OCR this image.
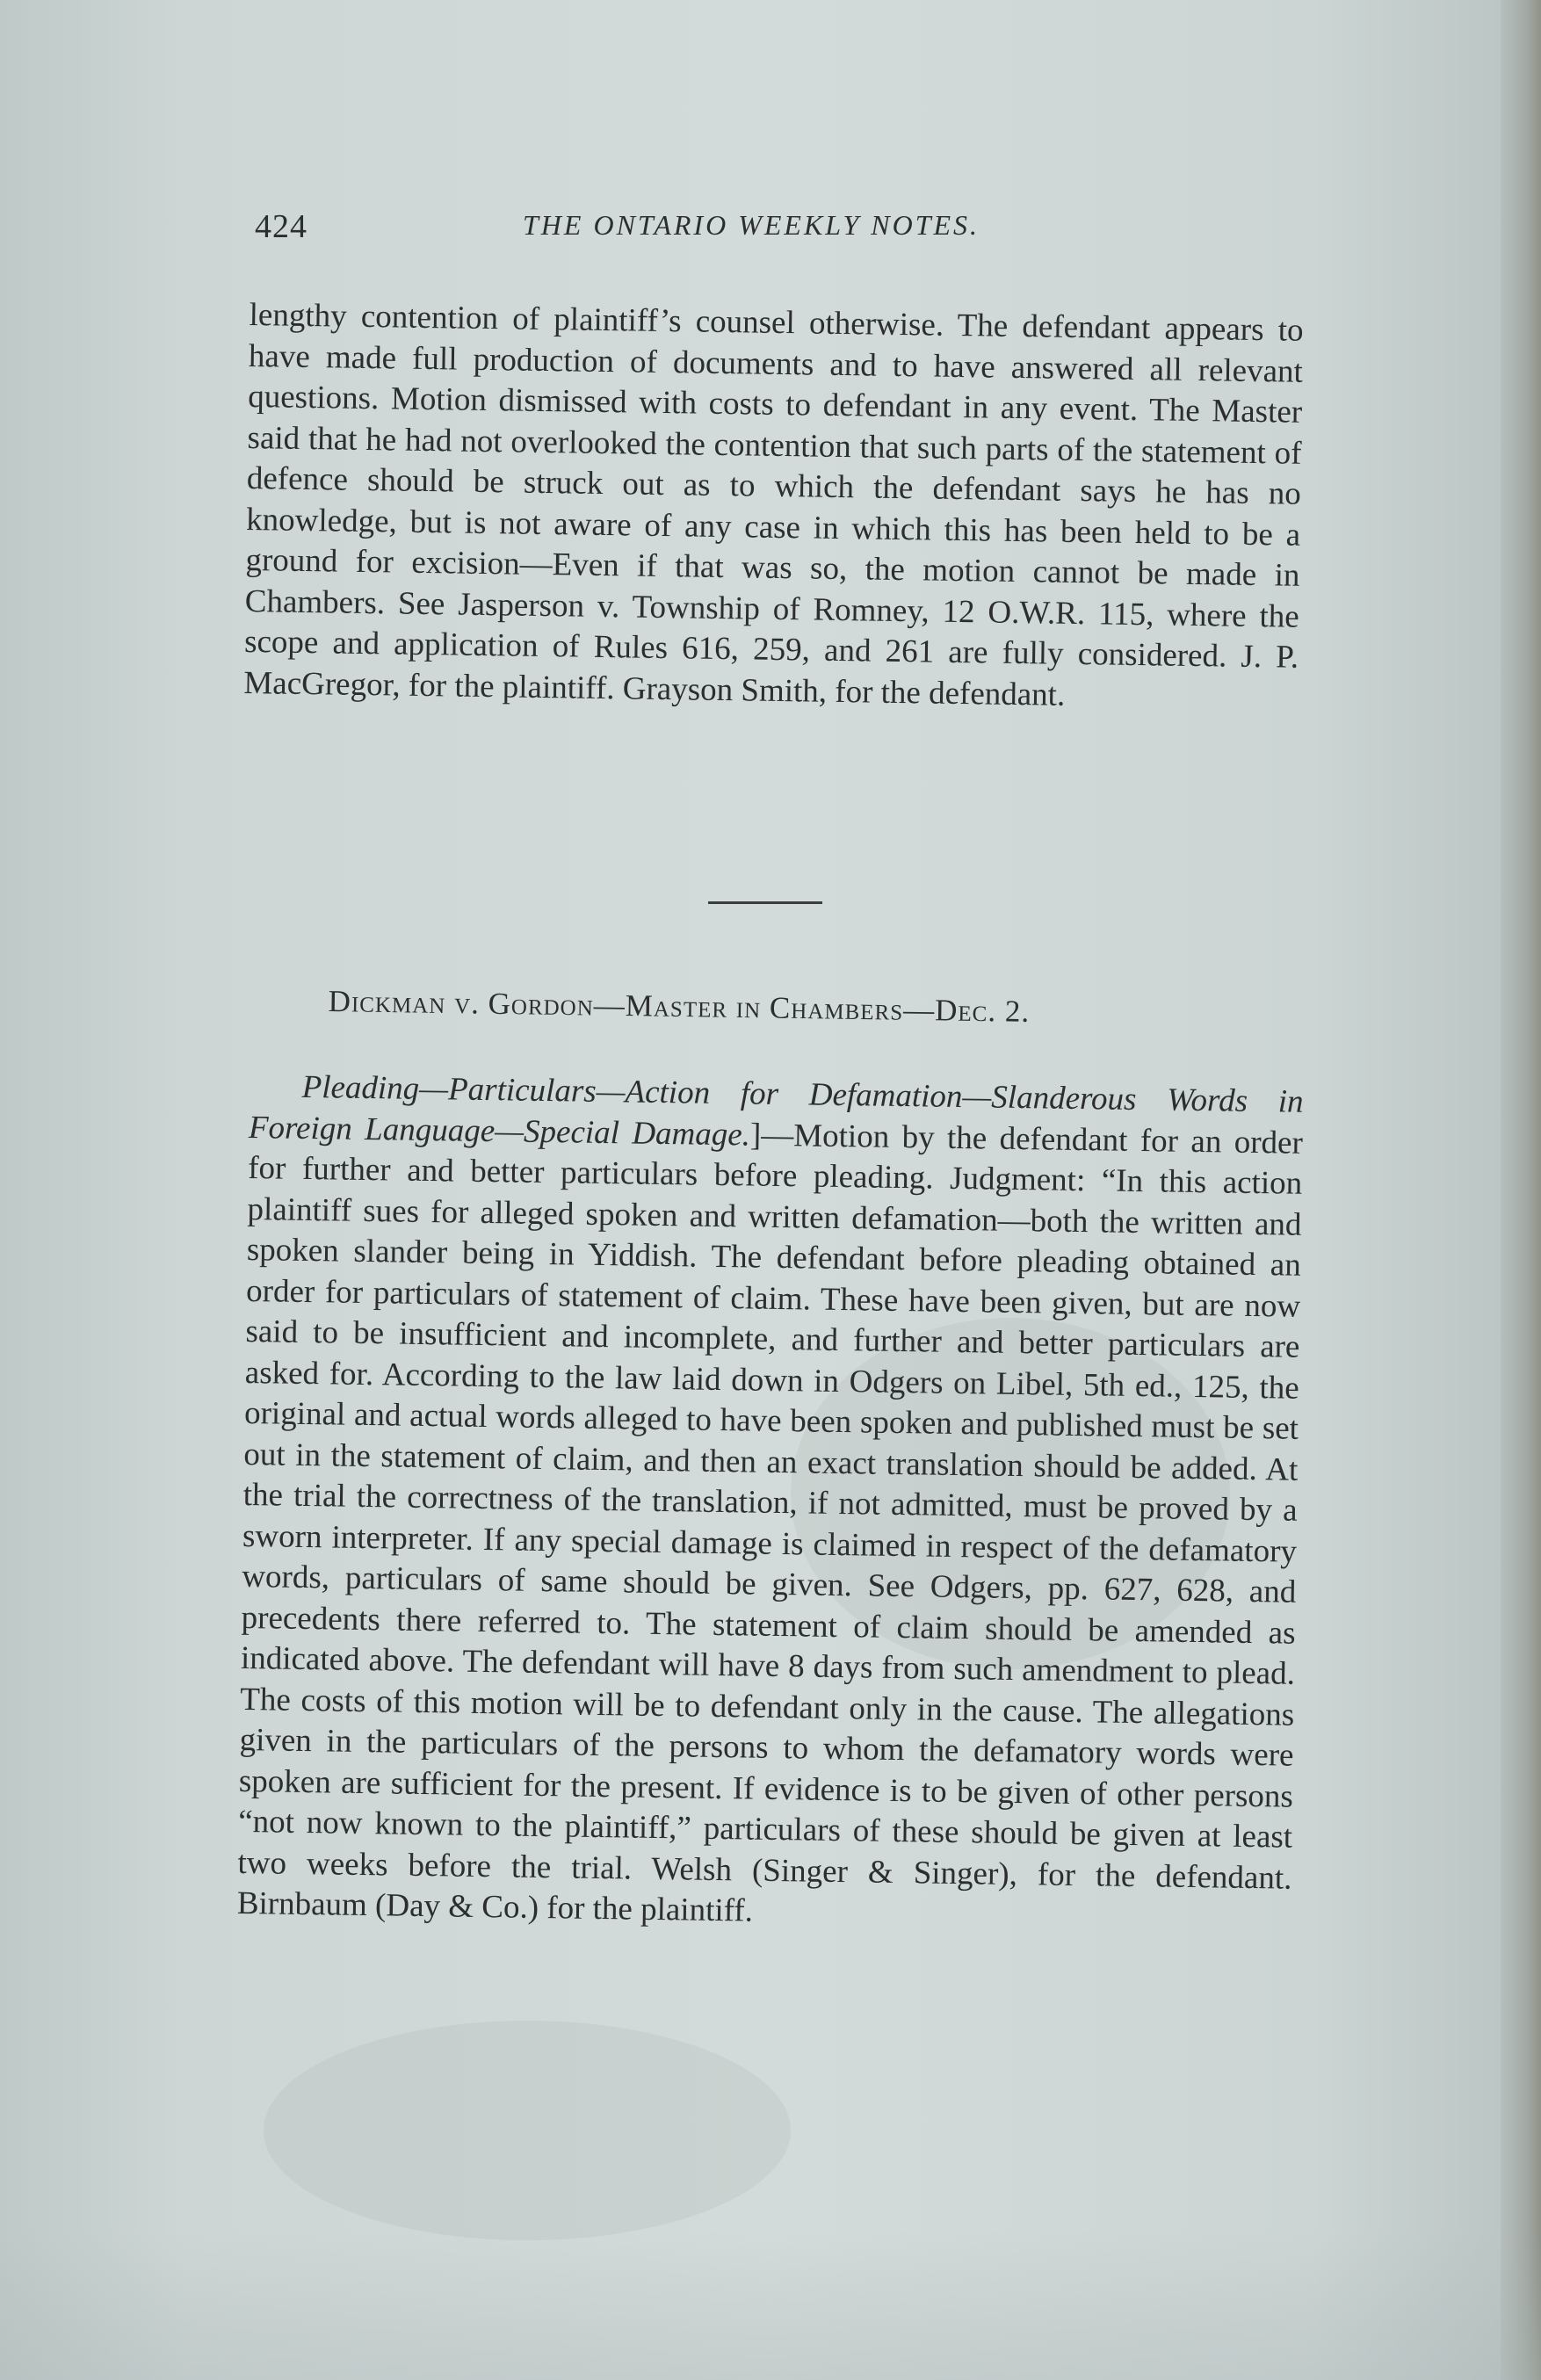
424	THE ONTARIO WEEKLY NOTES.

lengthy contention of plaintiff’s counsel otherwise. The defendant appears to have made full production of documents and to have answered all relevant questions. Motion dismissed with costs to defendant in any event. The Master said that he had not overlooked the contention that such parts of the statement of defence should be struck out as to which the defendant says he has no knowledge, but is not aware of any case in which this has been held to be a ground for excision—Even if that was so, the motion cannot be made in Chambers. See Jasperson v. Township of Romney, 12 O.W.R. 115, where the scope and application of Rules 616, 259, and 261 are fully considered. J. P. MacGregor, for the plaintiff. Grayson Smith, for the defendant.

Dickman v. Gordon—Master in Chambers—Dec. 2.

Pleading—Particulars—Action for Defamation—Slanderous Words in Foreign Language—Special Damage.]—Motion by the defendant for an order for further and better particulars before pleading. Judgment: “In this action plaintiff sues for alleged spoken and written defamation—both the written and spoken slander being in Yiddish. The defendant before pleading obtained an order for particulars of statement of claim. These have been given, but are now said to be insufficient and incomplete, and further and better particulars are asked for. According to the law laid down in Odgers on Libel, 5th ed., 125, the original and actual words alleged to have been spoken and published must be set out in the statement of claim, and then an exact translation should be added. At the trial the correctness of the translation, if not admitted, must be proved by a sworn interpreter. If any special damage is claimed in respect of the defamatory words, particulars of same should be given. See Odgers, pp. 627, 628, and precedents there referred to. The statement of claim should be amended as indicated above. The defendant will have 8 days from such amendment to plead. The costs of this motion will be to defendant only in the cause. The allegations given in the particulars of the persons to whom the defamatory words were spoken are sufficient for the present. If evidence is to be given of other persons “not now known to the plaintiff,” particulars of these should be given at least two weeks before the trial. Welsh (Singer & Singer), for the defendant. Birnbaum (Day & Co.) for the plaintiff.
